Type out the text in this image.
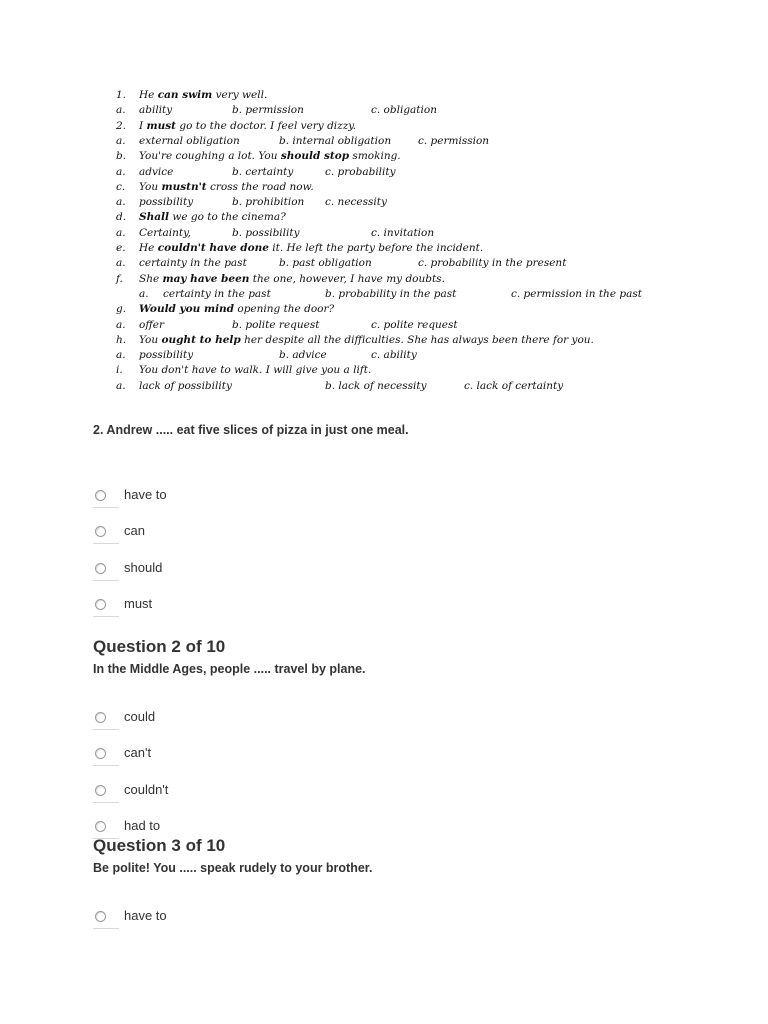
1. He can swim very well.
a. ability	b. permission	c. obligation
2. I must go to the doctor. I feel very dizzy.
a. external obligation	b. internal obligation	c. permission
b. You're coughing a lot. You should stop smoking.
a. advice	b. certainty	c. probability
c. You mustn't cross the road now.
a. possibility	b. prohibition c. necessity
d. Shall we go to the cinema?
a. Certainty,	b. possibility	c. invitation
e. He couldn't have done it. He left the party before the incident.
a. certainty in the past	b. past obligation	c. probability in the present
f. She may have been the one, however, I have my doubts.
a. certainty in the past	b. probability in the past	c. permission in the past
g. Would you mind opening the door?
a. offer	b. polite request	c. polite request
h. You ought to help her despite all the difficulties. She has always been there for you.
a. possibility	b. advice	c. ability
i. You don't have to walk. I will give you a lift.
a. lack of possibility	b. lack of necessity	c. lack of certainty
2. Andrew ..... eat five slices of pizza in just one meal.
have to
can
should
must
Question 2 of 10
In the Middle Ages, people ..... travel by plane.
could
can't
couldn't
had to
Question 3 of 10
Be polite! You ..... speak rudely to your brother.
have to
